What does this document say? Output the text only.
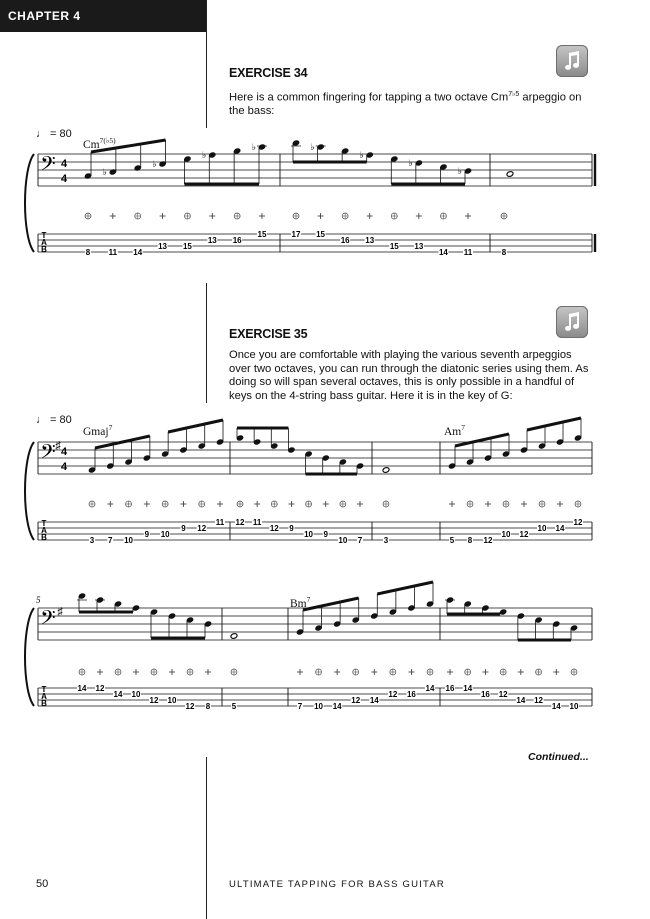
CHAPTER 4
EXERCISE 34
Here is a common fingering for tapping a two octave $Cm^{7♭5}$ arpeggio on the bass:
♩ = 80
$Cm^{7(♭5)}$
EXERCISE 35
Once you are comfortable with playing the various seventh arpeggios over two octaves, you can run through the diatonic series using them. As doing so will span several octaves, this is only possible in a handful of keys on the 4-string bass guitar. Here it is in the key of G:
♩ = 80
Gmaj$^7$	Am$^7$
5	Bm$^7$
𝄢
T
A
B
4
4
♭
♭
♭
♭	♭
♭
♭
♭
8 11 14
13 15
13 16
15	17 15
16 13
15 13
14 11	8
𝄢
T
A
B
4
4
♯
3 7 10
9 10
9 12
11 12 11
12 9
10 9
10 7	3	5 8 12
10 12
10 14
12
𝄢
T
A
B
♯
14 12
14 10
12 10
12 8	5	7 10 14
12 14
12 16
14 16 14
16 12
14 12
14 10
Continued...
50	ULTIMATE TAPPING FOR BASS GUITAR
